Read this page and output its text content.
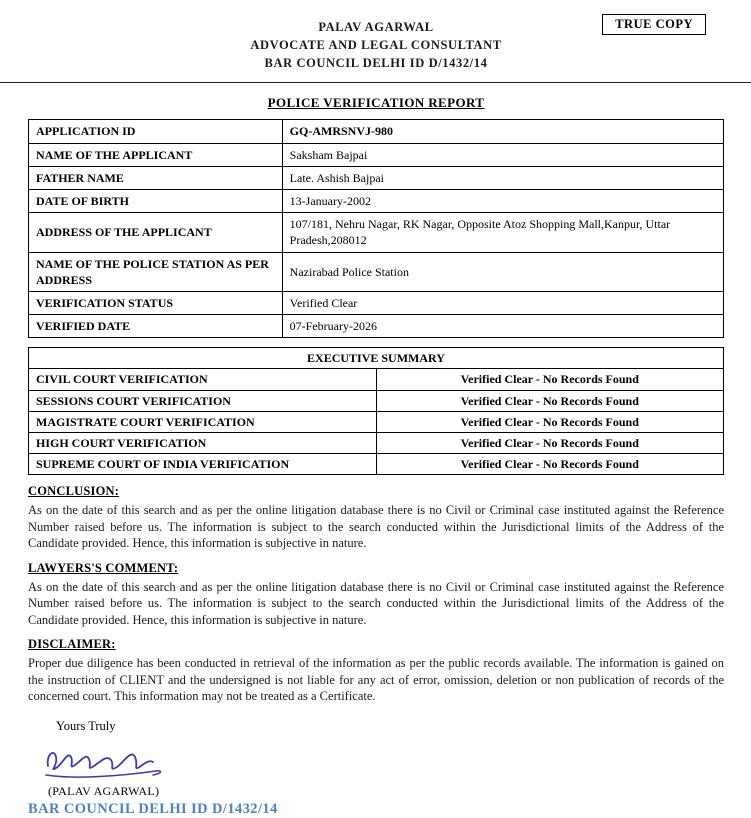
PALAV AGARWAL
ADVOCATE AND LEGAL CONSULTANT
BAR COUNCIL DELHI ID D/1432/14
TRUE COPY
POLICE VERIFICATION REPORT
APPLICATION ID	GQ-AMRSNVJ-980
NAME OF THE APPLICANT	Saksham Bajpai
FATHER NAME	Late. Ashish Bajpai
DATE OF BIRTH	13-January-2002
ADDRESS OF THE APPLICANT	107/181, Nehru Nagar, RK Nagar, Opposite Atoz Shopping Mall,Kanpur, Uttar Pradesh,208012
NAME OF THE POLICE STATION AS PER ADDRESS	Nazirabad Police Station
VERIFICATION STATUS	Verified Clear
VERIFIED DATE	07-February-2026
EXECUTIVE SUMMARY	
CIVIL COURT VERIFICATION	Verified Clear - No Records Found
SESSIONS COURT VERIFICATION	Verified Clear - No Records Found
MAGISTRATE COURT VERIFICATION	Verified Clear - No Records Found
HIGH COURT VERIFICATION	Verified Clear - No Records Found
SUPREME COURT OF INDIA VERIFICATION	Verified Clear - No Records Found
CONCLUSION:
As on the date of this search and as per the online litigation database there is no Civil or Criminal case instituted against the Reference Number raised before us. The information is subject to the search conducted within the Jurisdictional limits of the Address of the Candidate provided. Hence, this information is subjective in nature.
LAWYERS'S COMMENT:
As on the date of this search and as per the online litigation database there is no Civil or Criminal case instituted against the Reference Number raised before us. The information is subject to the search conducted within the Jurisdictional limits of the Address of the Candidate provided. Hence, this information is subjective in nature.
DISCLAIMER:
Proper due diligence has been conducted in retrieval of the information as per the public records available. The information is gained on the instruction of CLIENT and the undersigned is not liable for any act of error, omission, deletion or non publication of records of the concerned court. This information may not be treated as a Certificate.
Yours Truly
(PALAV AGARWAL)
BAR COUNCIL DELHI ID D/1432/14
